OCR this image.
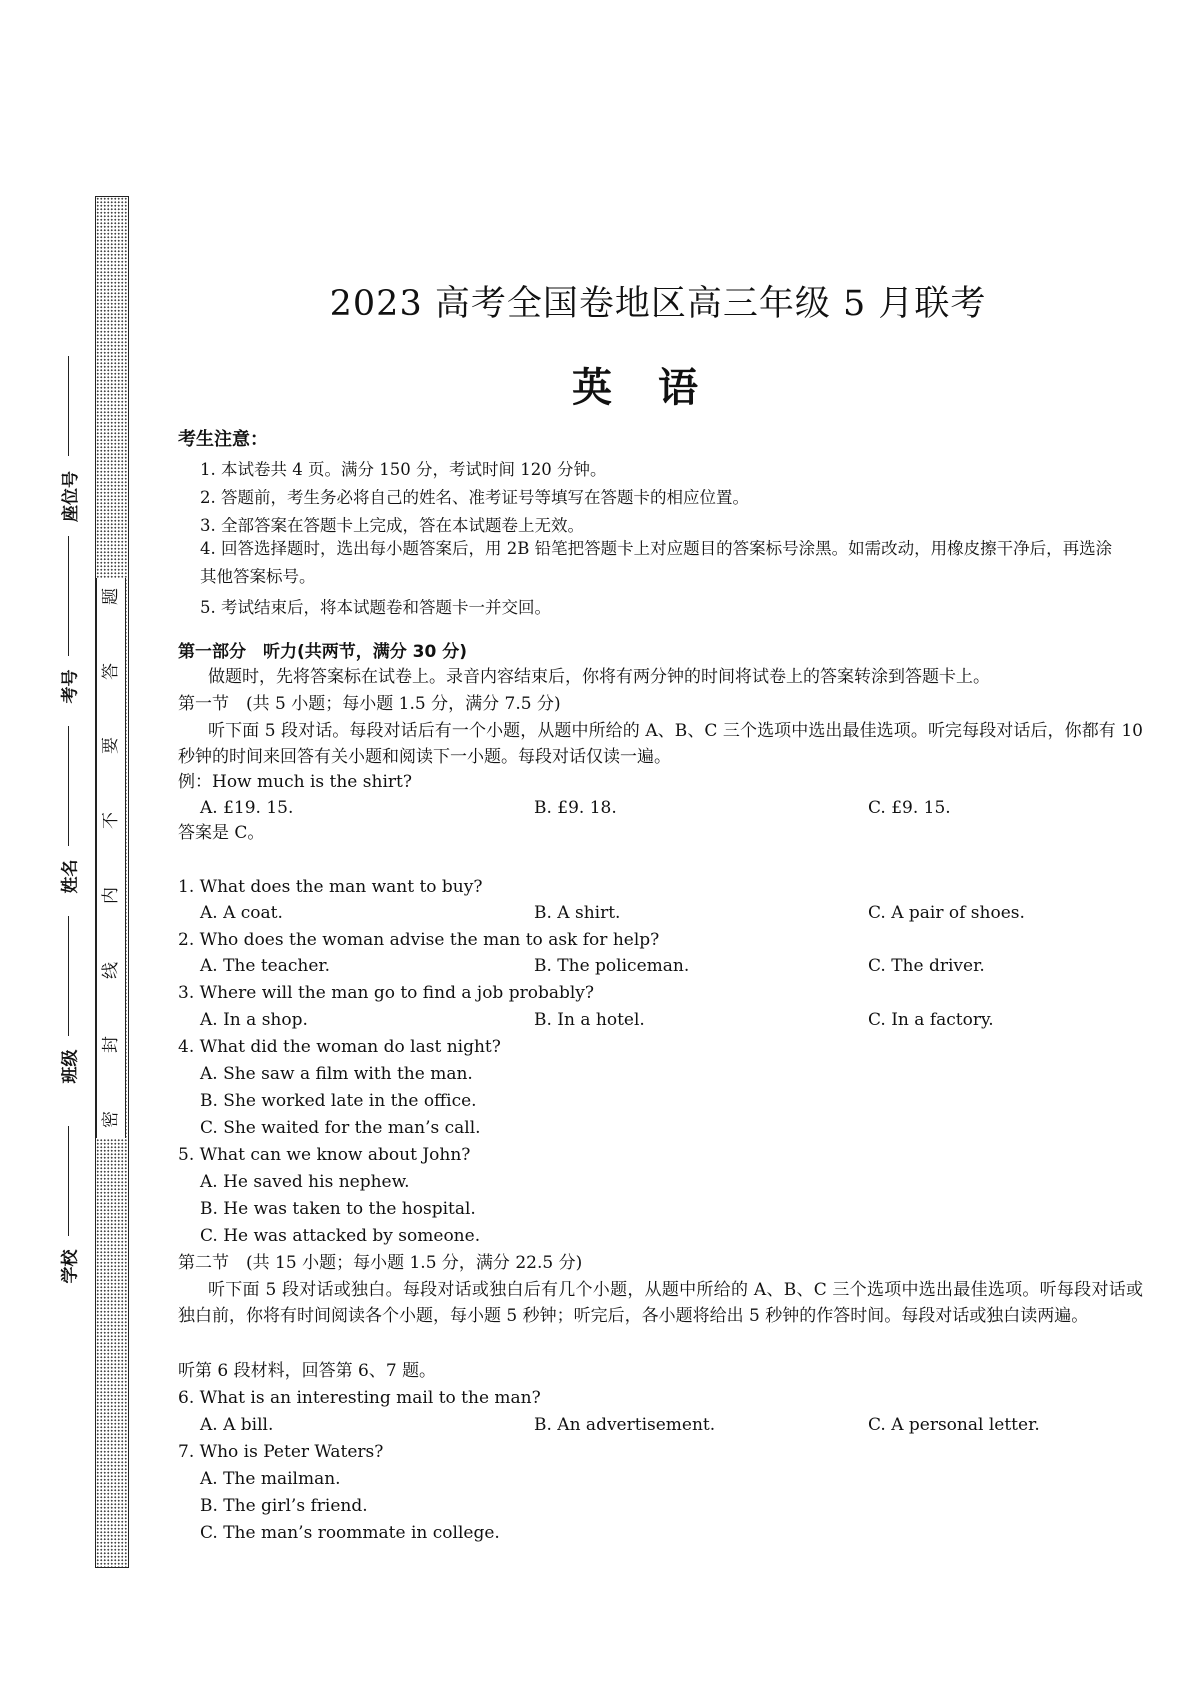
题
答
要
不
内
线
封
密
座位号
考号
姓名
班级
学校
2023 高考全国卷地区高三年级 5 月联考
英语
考生注意：
1. 本试卷共 4 页。满分 150 分，考试时间 120 分钟。
2. 答题前，考生务必将自己的姓名、准考证号等填写在答题卡的相应位置。
3. 全部答案在答题卡上完成，答在本试题卷上无效。
4. 回答选择题时，选出每小题答案后，用 2B 铅笔把答题卡上对应题目的答案标号涂黑。如需改动，用橡皮擦干净后，再选涂其他答案标号。
5. 考试结束后，将本试题卷和答题卡一并交回。
第一部分　听力(共两节，满分 30 分)
做题时，先将答案标在试卷上。录音内容结束后，你将有两分钟的时间将试卷上的答案转涂到答题卡上。
第一节　(共 5 小题；每小题 1.5 分，满分 7.5 分)
听下面 5 段对话。每段对话后有一个小题，从题中所给的 A、B、C 三个选项中选出最佳选项。听完每段对话后，你都有 10 秒钟的时间来回答有关小题和阅读下一小题。每段对话仅读一遍。
例：How much is the shirt?
A. £19. 15.	B. £9. 18.	C. £9. 15.
答案是 C。
1. What does the man want to buy?
A. A coat.	B. A shirt.	C. A pair of shoes.
2. Who does the woman advise the man to ask for help?
A. The teacher.	B. The policeman.	C. The driver.
3. Where will the man go to find a job probably?
A. In a shop.	B. In a hotel.	C. In a factory.
4. What did the woman do last night?
A. She saw a film with the man.
B. She worked late in the office.
C. She waited for the man’s call.
5. What can we know about John?
A. He saved his nephew.
B. He was taken to the hospital.
C. He was attacked by someone.
第二节　(共 15 小题；每小题 1.5 分，满分 22.5 分)
听下面 5 段对话或独白。每段对话或独白后有几个小题，从题中所给的 A、B、C 三个选项中选出最佳选项。听每段对话或独白前，你将有时间阅读各个小题，每小题 5 秒钟；听完后，各小题将给出 5 秒钟的作答时间。每段对话或独白读两遍。
听第 6 段材料，回答第 6、7 题。
6. What is an interesting mail to the man?
A. A bill.	B. An advertisement.	C. A personal letter.
7. Who is Peter Waters?
A. The mailman.
B. The girl’s friend.
C. The man’s roommate in college.
